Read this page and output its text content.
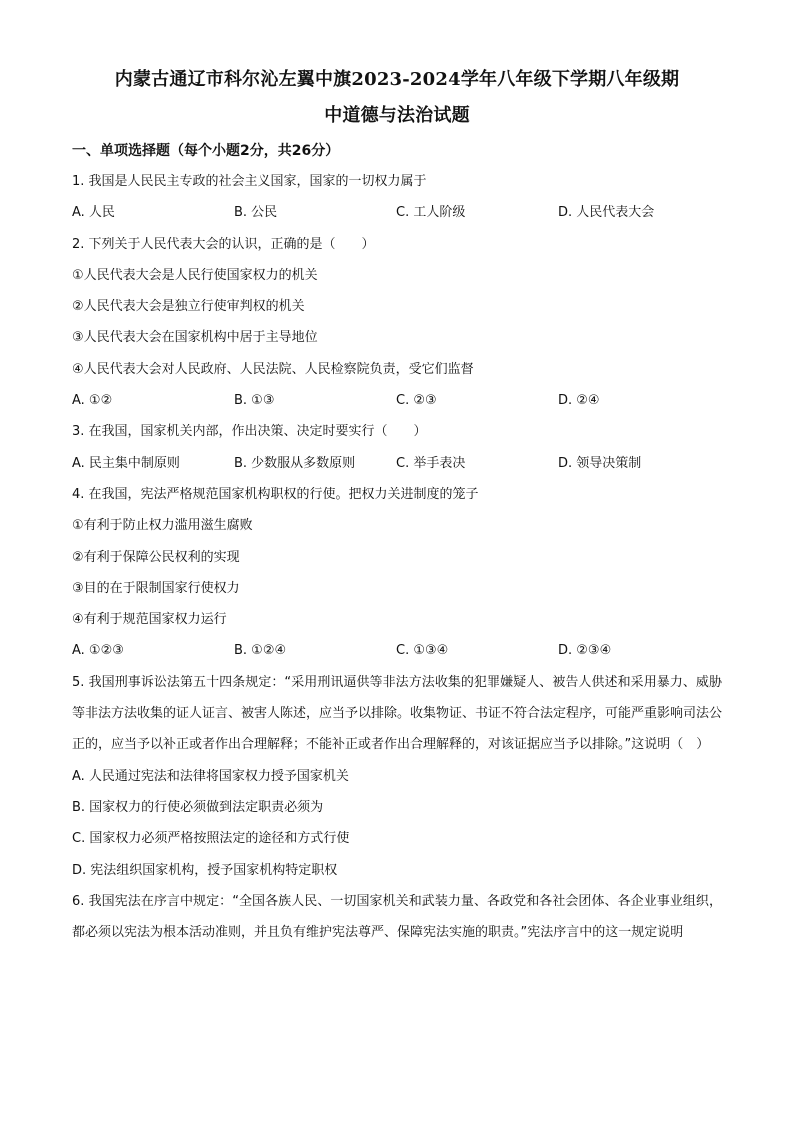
内蒙古通辽市科尔沁左翼中旗2023-2024学年八年级下学期八年级期
中道德与法治试题
一、单项选择题（每个小题2分，共26分）
1. 我国是人民民主专政的社会主义国家，国家的一切权力属于
A. 人民	B. 公民	C. 工人阶级	D. 人民代表大会
2. 下列关于人民代表大会的认识，正确的是（　　）
①人民代表大会是人民行使国家权力的机关
②人民代表大会是独立行使审判权的机关
③人民代表大会在国家机构中居于主导地位
④人民代表大会对人民政府、人民法院、人民检察院负责，受它们监督
A. ①②	B. ①③	C. ②③	D. ②④
3. 在我国，国家机关内部，作出决策、决定时要实行（　　）
A. 民主集中制原则	B. 少数服从多数原则	C. 举手表决	D. 领导决策制
4. 在我国，宪法严格规范国家机构职权的行使。把权力关进制度的笼子
①有利于防止权力滥用滋生腐败
②有利于保障公民权利的实现
③目的在于限制国家行使权力
④有利于规范国家权力运行
A. ①②③	B. ①②④	C. ①③④	D. ②③④
5. 我国刑事诉讼法第五十四条规定：“采用刑讯逼供等非法方法收集的犯罪嫌疑人、被告人供述和采用暴力、威胁等非法方法收集的证人证言、被害人陈述，应当予以排除。收集物证、书证不符合法定程序，可能严重影响司法公正的，应当予以补正或者作出合理解释；不能补正或者作出合理解释的，对该证据应当予以排除。”这说明（　）
A. 人民通过宪法和法律将国家权力授予国家机关
B. 国家权力的行使必须做到法定职责必须为
C. 国家权力必须严格按照法定的途径和方式行使
D. 宪法组织国家机构，授予国家机构特定职权
6. 我国宪法在序言中规定：“全国各族人民、一切国家机关和武装力量、各政党和各社会团体、各企业事业组织，都必须以宪法为根本活动准则，并且负有维护宪法尊严、保障宪法实施的职责。”宪法序言中的这一规定说明
